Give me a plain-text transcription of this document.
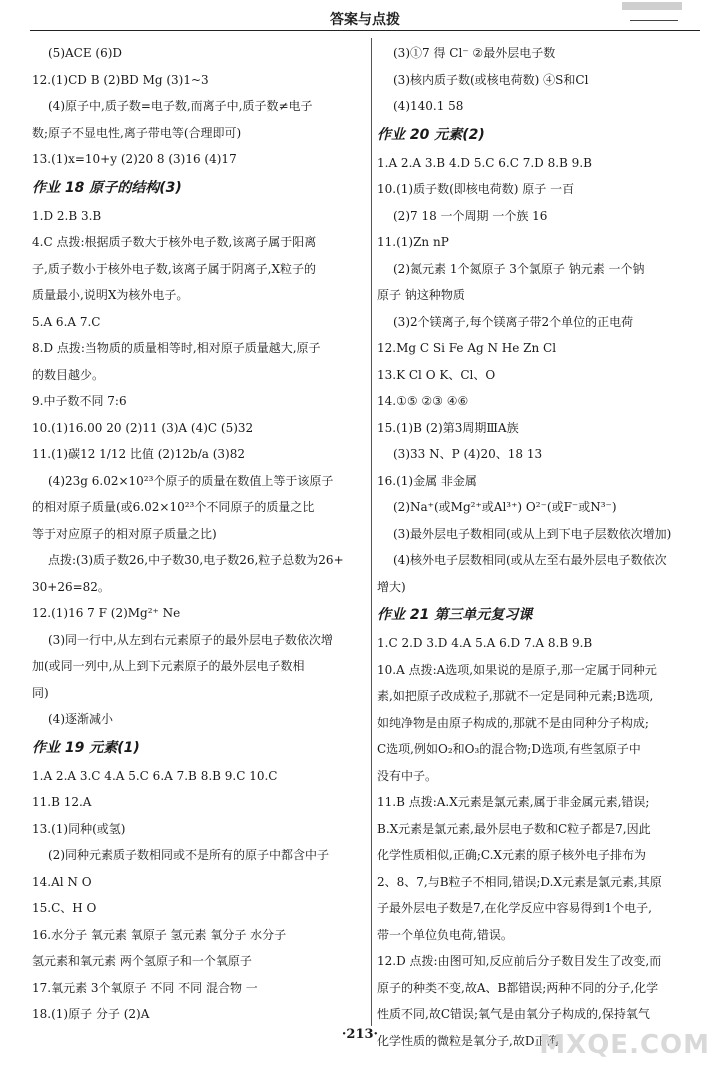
答案与点拨
(5)ACE (6)D
12.(1)CD B (2)BD Mg (3)1~3
(4)原子中,质子数=电子数,而离子中,质子数≠电子
数;原子不显电性,离子带电等(合理即可)
13.(1)x=10+y (2)20 8 (3)16 (4)17
作业 18 原子的结构(3)
1.D 2.B 3.B
4.C 点拨:根据质子数大于核外电子数,该离子属于阳离
子,质子数小于核外电子数,该离子属于阴离子,X粒子的
质量最小,说明X为核外电子。
5.A 6.A 7.C
8.D 点拨:当物质的质量相等时,相对原子质量越大,原子
的数目越少。
9.中子数不同 7:6
10.(1)16.00 20 (2)11 (3)A (4)C (5)32
11.(1)碳12 1/12 比值 (2)12b/a (3)82
(4)23g 6.02×10²³个原子的质量在数值上等于该原子
的相对原子质量(或6.02×10²³个不同原子的质量之比
等于对应原子的相对原子质量之比)
点拨:(3)质子数26,中子数30,电子数26,粒子总数为26+
30+26=82。
12.(1)16 7 F (2)Mg²⁺ Ne
(3)同一行中,从左到右元素原子的最外层电子数依次增
加(或同一列中,从上到下元素原子的最外层电子数相
同)
(4)逐渐减小
作业 19 元素(1)
1.A 2.A 3.C 4.A 5.C 6.A 7.B 8.B 9.C 10.C
11.B 12.A
13.(1)同种(或氢)
(2)同种元素质子数相同或不是所有的原子中都含中子
14.Al N O
15.C、H O
16.水分子 氧元素 氧原子 氢元素 氧分子 水分子
氢元素和氧元素 两个氢原子和一个氧原子
17.氧元素 3个氧原子 不同 不同 混合物 一
18.(1)原子 分子 (2)A
(3)①7 得 Cl⁻ ②最外层电子数
(3)核内质子数(或核电荷数) ④S和Cl
(4)140.1 58
作业 20 元素(2)
1.A 2.A 3.B 4.D 5.C 6.C 7.D 8.B 9.B
10.(1)质子数(即核电荷数) 原子 一百
(2)7 18 一个周期 一个族 16
11.(1)Zn nP
(2)氮元素 1个氮原子 3个氯原子 钠元素 一个钠
原子 钠这种物质
(3)2个镁离子,每个镁离子带2个单位的正电荷
12.Mg C Si Fe Ag N He Zn Cl
13.K Cl O K、Cl、O
14.①⑤ ②③ ④⑥
15.(1)B (2)第3周期ⅢA族
(3)33 N、P (4)20、18 13
16.(1)金属 非金属
(2)Na⁺(或Mg²⁺或Al³⁺) O²⁻(或F⁻或N³⁻)
(3)最外层电子数相同(或从上到下电子层数依次增加)
(4)核外电子层数相同(或从左至右最外层电子数依次
增大)
作业 21 第三单元复习课
1.C 2.D 3.D 4.A 5.A 6.D 7.A 8.B 9.B
10.A 点拨:A选项,如果说的是原子,那一定属于同种元
素,如把原子改成粒子,那就不一定是同种元素;B选项,
如纯净物是由原子构成的,那就不是由同种分子构成;
C选项,例如O₂和O₃的混合物;D选项,有些氢原子中
没有中子。
11.B 点拨:A.X元素是氯元素,属于非金属元素,错误;
B.X元素是氯元素,最外层电子数和C粒子都是7,因此
化学性质相似,正确;C.X元素的原子核外电子排布为
2、8、7,与B粒子不相同,错误;D.X元素是氯元素,其原
子最外层电子数是7,在化学反应中容易得到1个电子,
带一个单位负电荷,错误。
12.D 点拨:由图可知,反应前后分子数目发生了改变,而
原子的种类不变,故A、B都错误;两种不同的分子,化学
性质不同,故C错误;氧气是由氧分子构成的,保持氧气
化学性质的微粒是氧分子,故D正确。
·213·	MXQE.COM
